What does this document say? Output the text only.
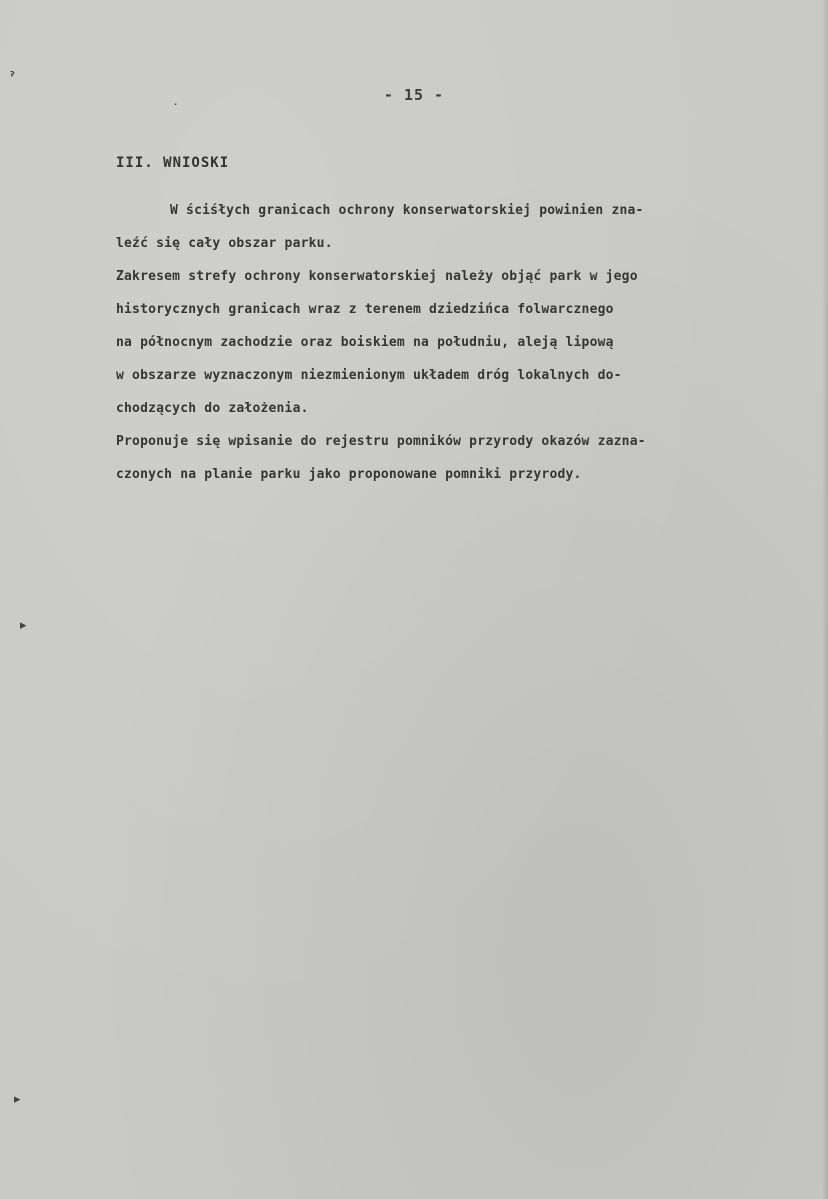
ˀ
▸
▸
·
- 15 -
III. WNIOSKI
W ściśłych granicach ochrony konserwatorskiej powinien zna-
leźć się cały obszar parku.
Zakresem strefy ochrony konserwatorskiej należy objąć park w jego
historycznych granicach wraz z terenem dziedzińca folwarcznego
na północnym zachodzie oraz boiskiem na południu, aleją lipową
w obszarze wyznaczonym niezmienionym układem dróg lokalnych do-
chodzących do założenia.
Proponuje się wpisanie do rejestru pomników przyrody okazów zazna-
czonych na planie parku jako proponowane pomniki przyrody.
